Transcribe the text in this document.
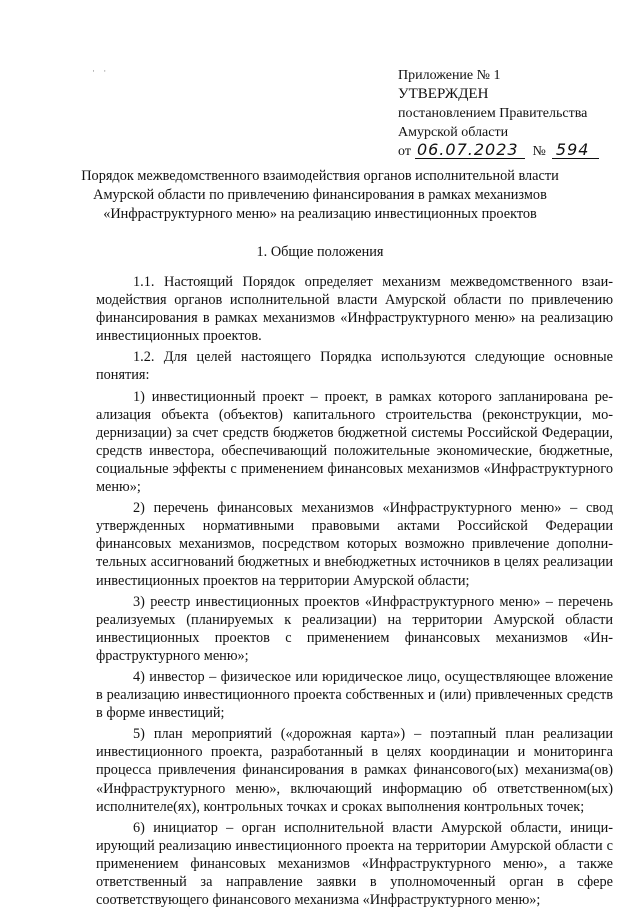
· ·	Приложение № 1
УТВЕРЖДЕН
постановлением Правительства
Амурской области
от 06.07.2023	№ 594
Порядок межведомственного взаимодействия органов исполнительной власти
Амурской области по привлечению финансирования в рамках механизмов
«Инфраструктурного меню» на реализацию инвестиционных проектов
1. Общие положения

1.1. Настоящий Порядок определяет механизм межведомственного взаимодействия органов исполнительной власти Амурской области по привлечению финансирования в рамках механизмов «Инфраструктурного меню» на реализацию инвестиционных проектов.

1.2. Для целей настоящего Порядка используются следующие основные понятия:

1) инвестиционный проект – проект, в рамках которого запланирована реализация объекта (объектов) капитального строительства (реконструкции, модернизации) за счет средств бюджетов бюджетной системы Российской Федерации, средств инвестора, обеспечивающий положительные экономические, бюджетные, социальные эффекты с применением финансовых механизмов «Инфраструктурного меню»;

2) перечень финансовых механизмов «Инфраструктурного меню» – свод утвержденных нормативными правовыми актами Российской Федерации финансовых механизмов, посредством которых возможно привлечение дополнительных ассигнований бюджетных и внебюджетных источников в целях реализации инвестиционных проектов на территории Амурской области;

3) реестр инвестиционных проектов «Инфраструктурного меню» – перечень реализуемых (планируемых к реализации) на территории Амурской области инвестиционных проектов с применением финансовых механизмов «Инфраструктурного меню»;

4) инвестор – физическое или юридическое лицо, осуществляющее вложение в реализацию инвестиционного проекта собственных и (или) привлеченных средств в форме инвестиций;

5) план мероприятий («дорожная карта») – поэтапный план реализации инвестиционного проекта, разработанный в целях координации и мониторинга процесса привлечения финансирования в рамках финансового(ых) механизма(ов) «Инфраструктурного меню», включающий информацию об ответственном(ых) исполнителе(ях), контрольных точках и сроках выполнения контрольных точек;

6) инициатор – орган исполнительной власти Амурской области, инициирующий реализацию инвестиционного проекта на территории Амурской области с применением финансовых механизмов «Инфраструктурного меню», а также ответственный за направление заявки в уполномоченный орган в сфере соответствующего финансового механизма «Инфраструктурного меню»;
